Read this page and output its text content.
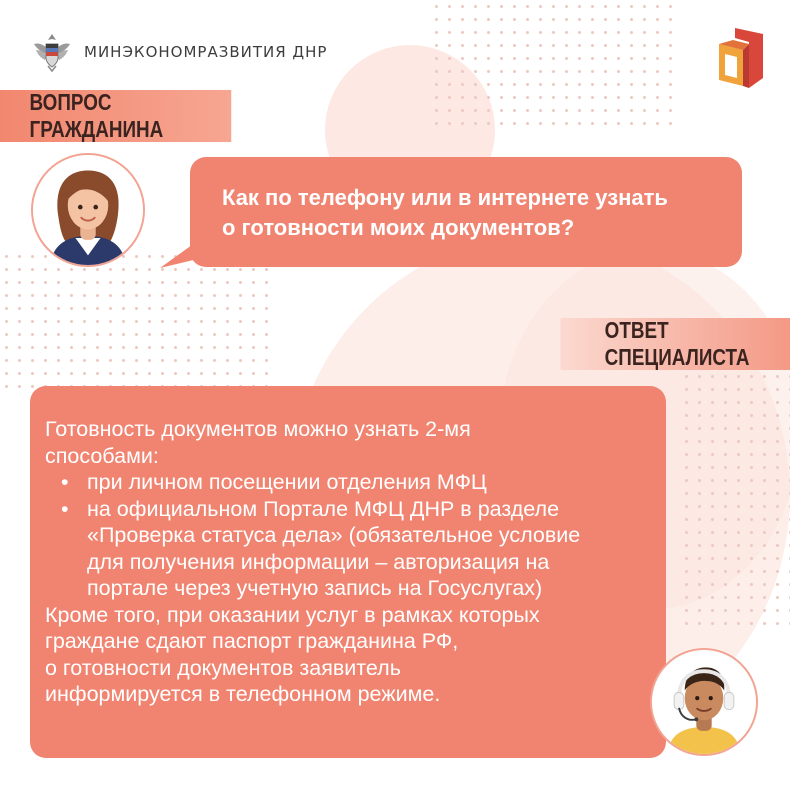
МИНЭКОНОМРАЗВИТИЯ ДНР
ВОПРОС ГРАЖДАНИНА
Как по телефону или в интернете узнать
о готовности моих документов?
ОТВЕТ СПЕЦИАЛИСТА
Готовность документов можно узнать 2-мя
способами:
• при личном посещении отделения МФЦ
• на официальном Портале МФЦ ДНР в разделе
«Проверка статуса дела» (обязательное условие
для получения информации – авторизация на
портале через учетную запись на Госуслугах)
Кроме того, при оказании услуг в рамках которых
граждане сдают паспорт гражданина РФ,
о готовности документов заявитель
информируется в телефонном режиме.
